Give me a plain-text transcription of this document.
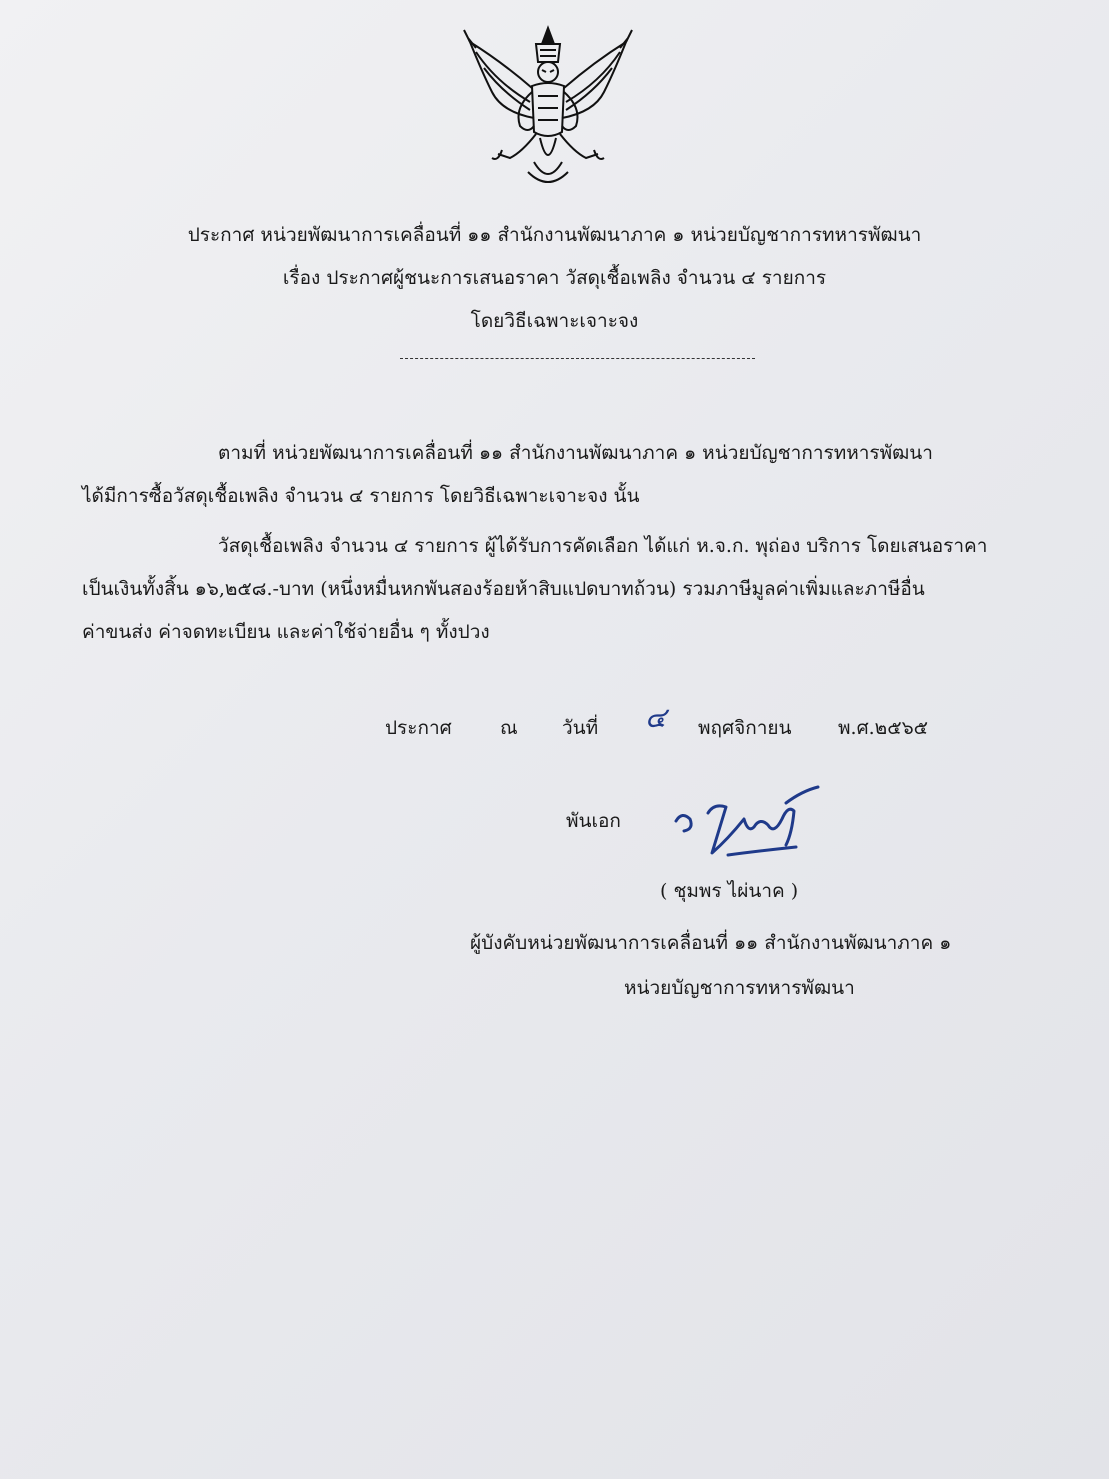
ประกาศ หน่วยพัฒนาการเคลื่อนที่ ๑๑ สำนักงานพัฒนาภาค ๑ หน่วยบัญชาการทหารพัฒนา
เรื่อง ประกาศผู้ชนะการเสนอราคา วัสดุเชื้อเพลิง จำนวน ๔ รายการ
โดยวิธีเฉพาะเจาะจง
ตามที่ หน่วยพัฒนาการเคลื่อนที่ ๑๑ สำนักงานพัฒนาภาค ๑ หน่วยบัญชาการทหารพัฒนา
ได้มีการซื้อวัสดุเชื้อเพลิง จำนวน ๔ รายการ โดยวิธีเฉพาะเจาะจง นั้น
วัสดุเชื้อเพลิง จำนวน ๔ รายการ ผู้ได้รับการคัดเลือก ได้แก่ ห.จ.ก. พุถ่อง บริการ โดยเสนอราคา
เป็นเงินทั้งสิ้น ๑๖,๒๕๘.-บาท (หนึ่งหมื่นหกพันสองร้อยห้าสิบแปดบาทถ้วน) รวมภาษีมูลค่าเพิ่มและภาษีอื่น
ค่าขนส่ง ค่าจดทะเบียน และค่าใช้จ่ายอื่น ๆ ทั้งปวง
ประกาศ	ณ วันที่ ๔ พฤศจิกายน พ.ศ.๒๕๖๕
พันเอก
( ชุมพร ไผ่นาค )
ผู้บังคับหน่วยพัฒนาการเคลื่อนที่ ๑๑ สำนักงานพัฒนาภาค ๑
หน่วยบัญชาการทหารพัฒนา
